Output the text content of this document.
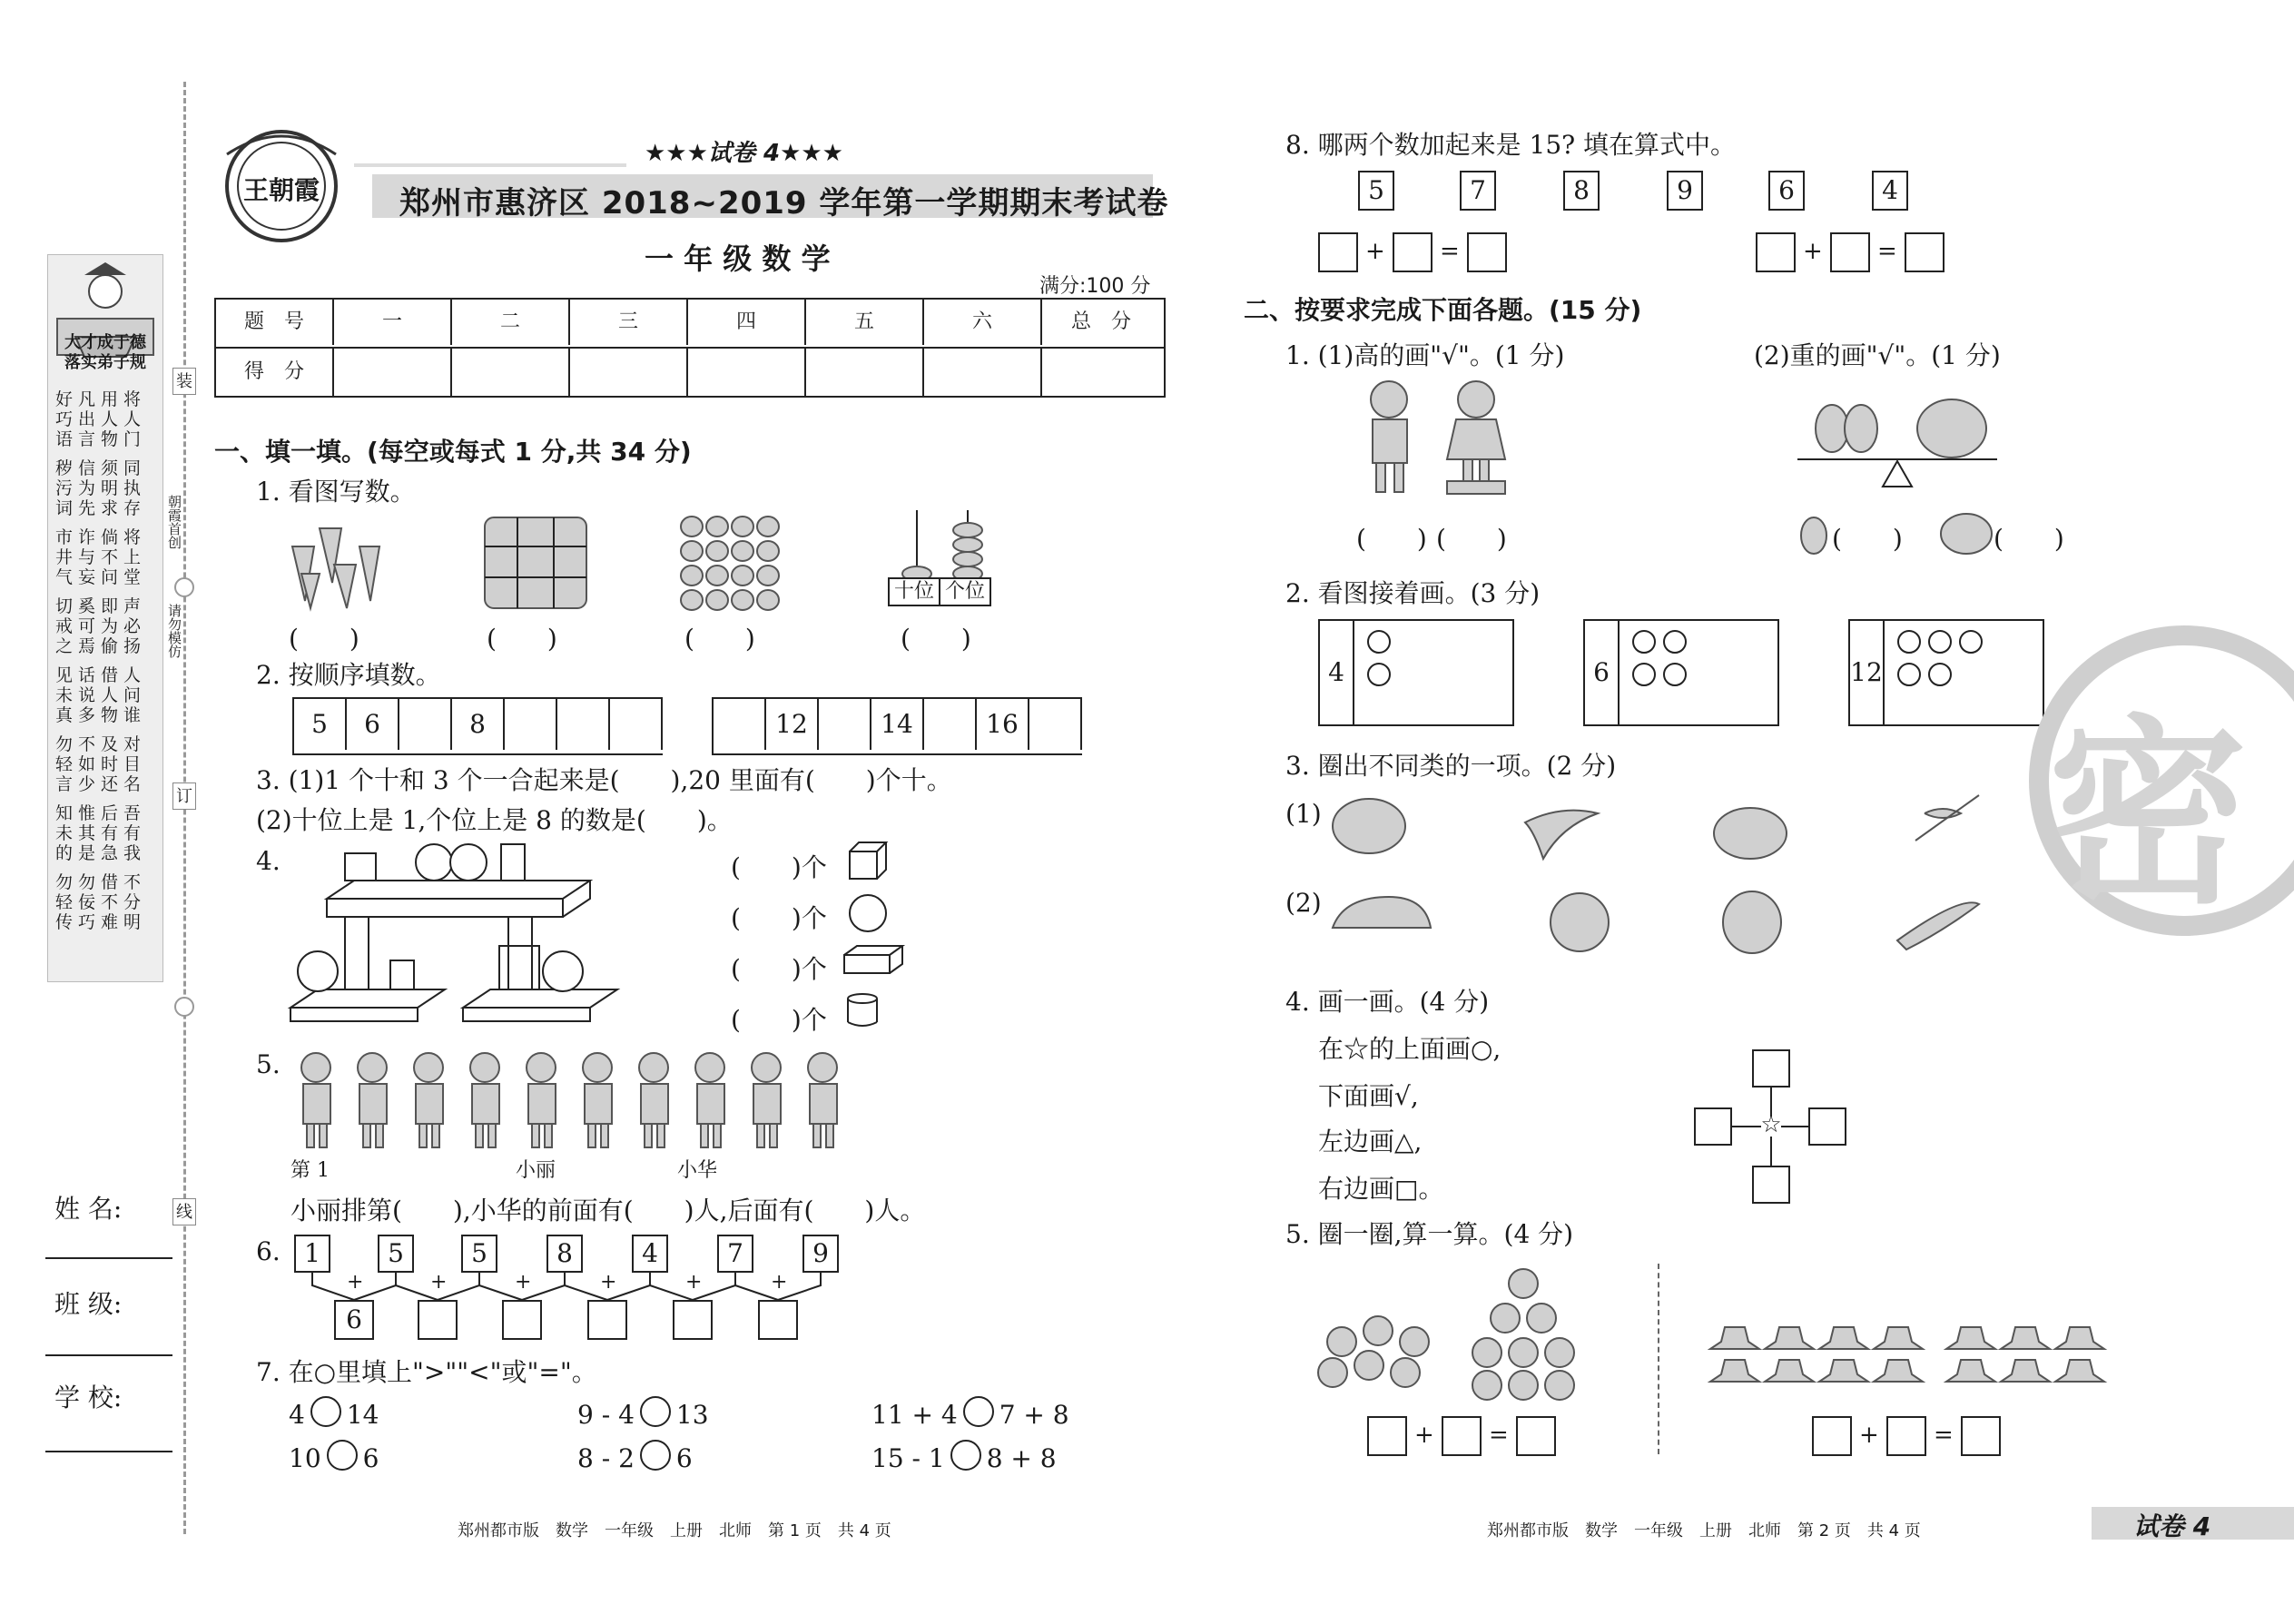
大才成于德
落实弟子规
好凡用将
巧出人人
语言物门
秽信须同
污为明执
词先求存
市诈倘将
井与不上
气妄问堂
切奚即声
戒可为必
之焉偷扬
见话借人
未说人问
真多物谁
勿不及对
轻如时目
言少还名
知惟后吾
未其有有
的是急我
勿勿借不
轻佞不分
传巧难明
装
订
线
朝霞首创
请勿模仿
姓 名:
班 级:
学 校:
王朝霞
★★★试卷 4★★★
郑州市惠济区 2018~2019 学年第一学期期末考试卷
一 年 级 数 学
满分:100 分
题　号	一	二	三	四	五	六	总　分
得　分
一、填一填。(每空或每式 1 分,共 34 分)
1. 看图写数。
十位 个位
(　　)	(　　)	(　　)	(　　)
2. 按顺序填数。
5 6	8	12	14	16
3. (1)1 个十和 3 个一合起来是(　　),20 里面有(　　)个十。
(2)十位上是 1,个位上是 8 的数是(　　)。
4.	(　　)个
(　　)个
(　　)个
(　　)个
5.
第 1	小丽	小华
小丽排第(　　),小华的前面有(　　)人,后面有(　　)人。
6. 1	5	5	8	4	7	9
+
6
+	+	+	+	+
7. 在○里填上">""<"或"="。
4 14	9 - 4 13	11 + 4 7 + 8
10 6	8 - 2 6	15 - 1 8 + 8
郑州都市版　数学　一年级　上册　北师　第 1 页　共 4 页
8. 哪两个数加起来是 15? 填在算式中。
5	7	8	9	6	4
+ =	+ =
二、按要求完成下面各题。(15 分)
1. (1)高的画"√"。(1 分)	(2)重的画"√"。(1 分)
(　　) (　　)	(　　)	(　　)
2. 看图接着画。(3 分)
4	6	12
3. 圈出不同类的一项。(2 分)
(1)
(2)
4. 画一画。(4 分)
在☆的上面画○,
下面画√,
左边画△,
右边画□。
☆
5. 圈一圈,算一算。(4 分)
+ =	+ =
郑州都市版　数学　一年级　上册　北师　第 2 页　共 4 页	试卷 4
密
